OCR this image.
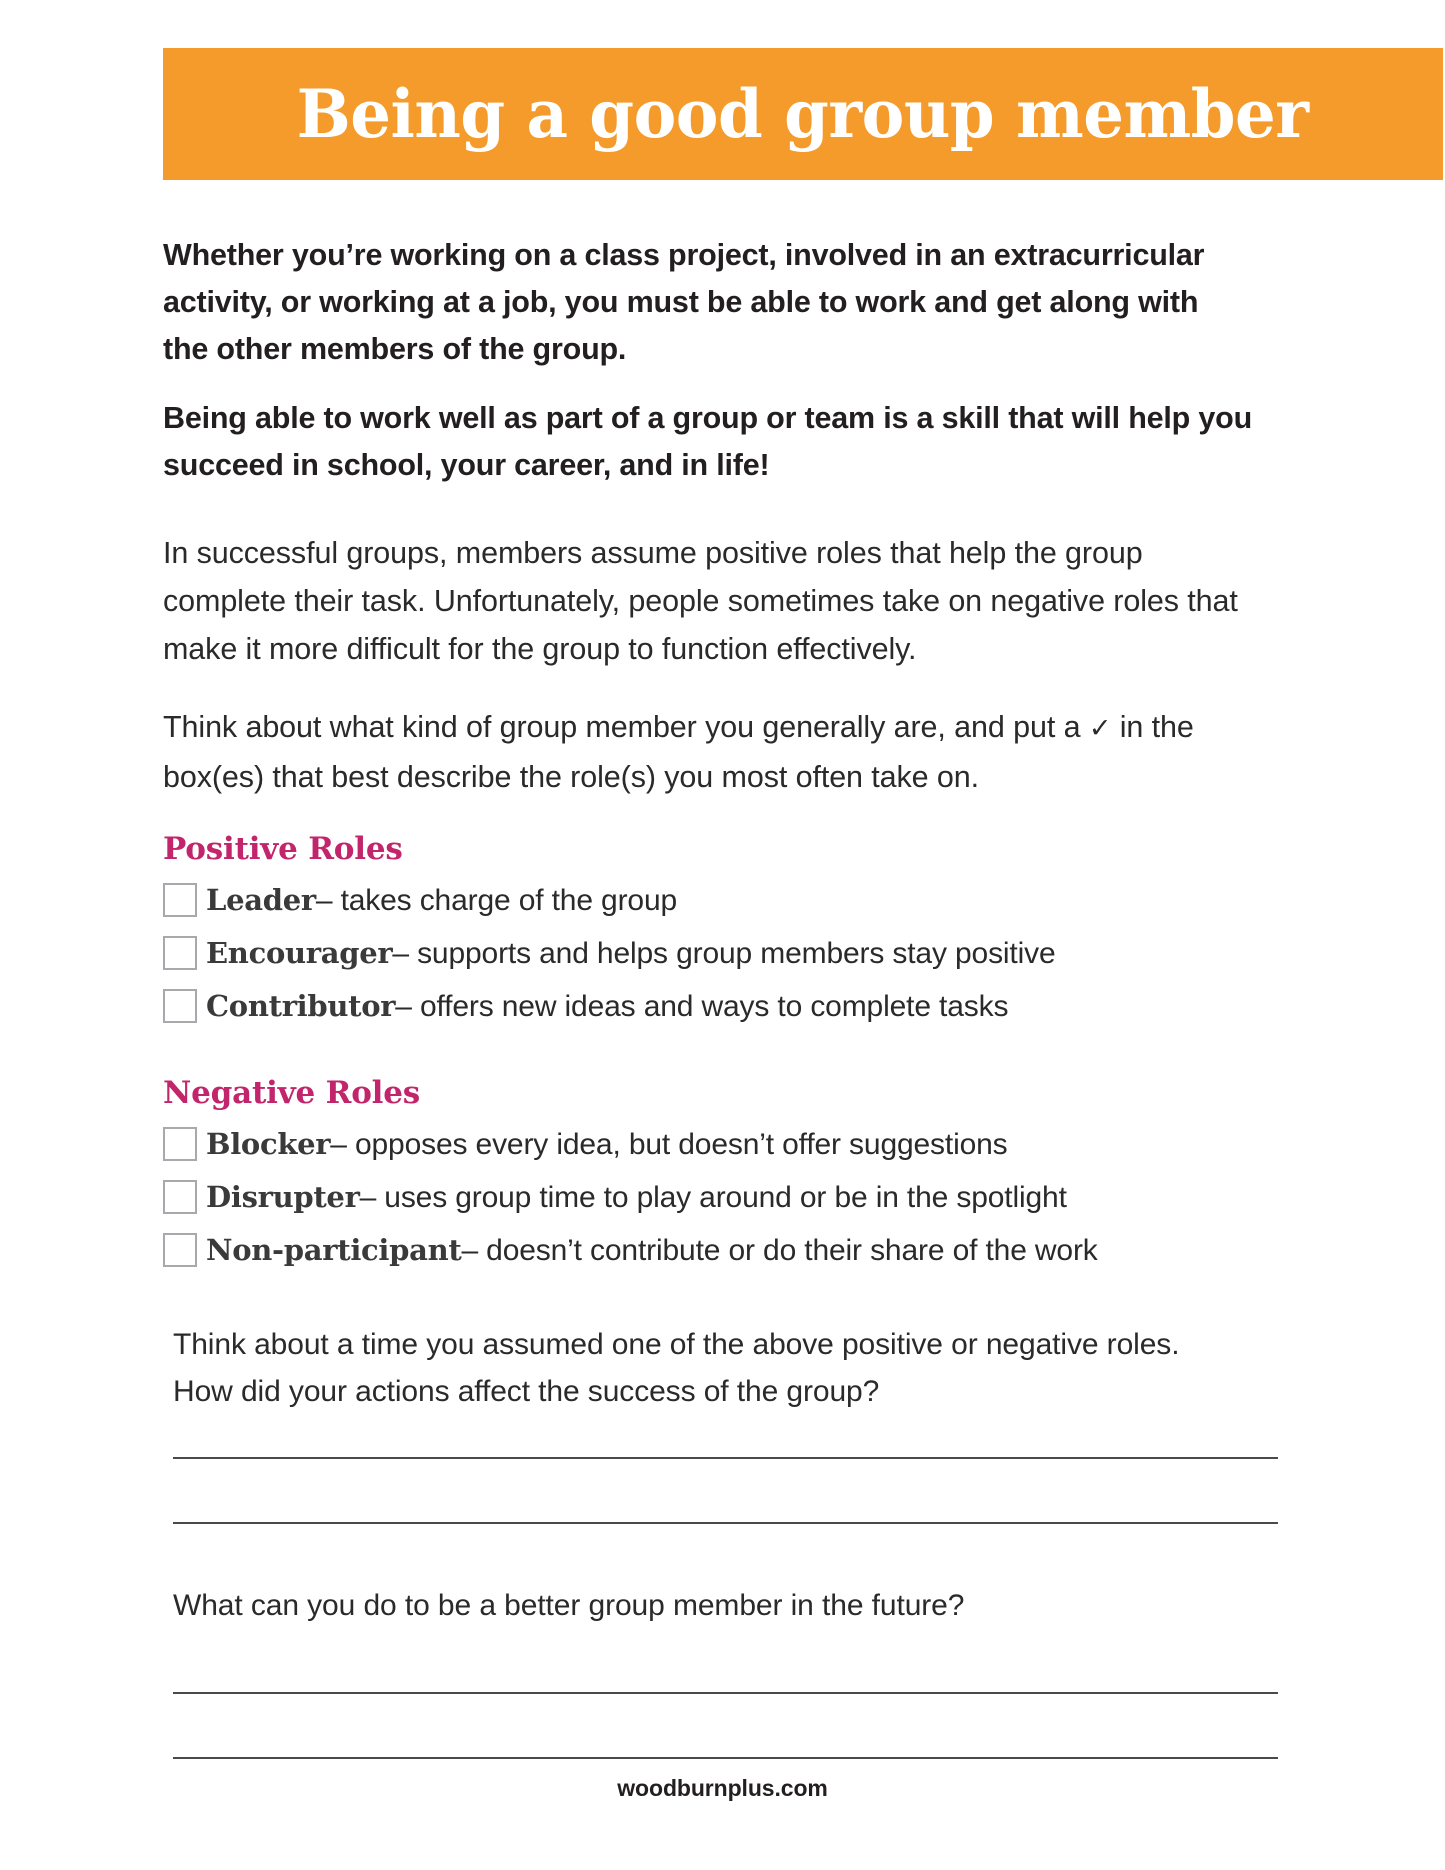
Being a good group member

Whether you’re working on a class project, involved in an extracurricular activity, or working at a job, you must be able to work and get along with the other members of the group.

Being able to work well as part of a group or team is a skill that will help you succeed in school, your career, and in life!

In successful groups, members assume positive roles that help the group complete their task. Unfortunately, people sometimes take on negative roles that make it more difficult for the group to function effectively.

Think about what kind of group member you generally are, and put a ✓ in the box(es) that best describe the role(s) you most often take on.

Positive Roles
Leader– takes charge of the group
Encourager– supports and helps group members stay positive
Contributor– offers new ideas and ways to complete tasks
Negative Roles
Blocker– opposes every idea, but doesn’t offer suggestions
Disrupter– uses group time to play around or be in the spotlight
Non-participant– doesn’t contribute or do their share of the work

Think about a time you assumed one of the above positive or negative roles. How did your actions affect the success of the group?

What can you do to be a better group member in the future?

woodburnplus.com
